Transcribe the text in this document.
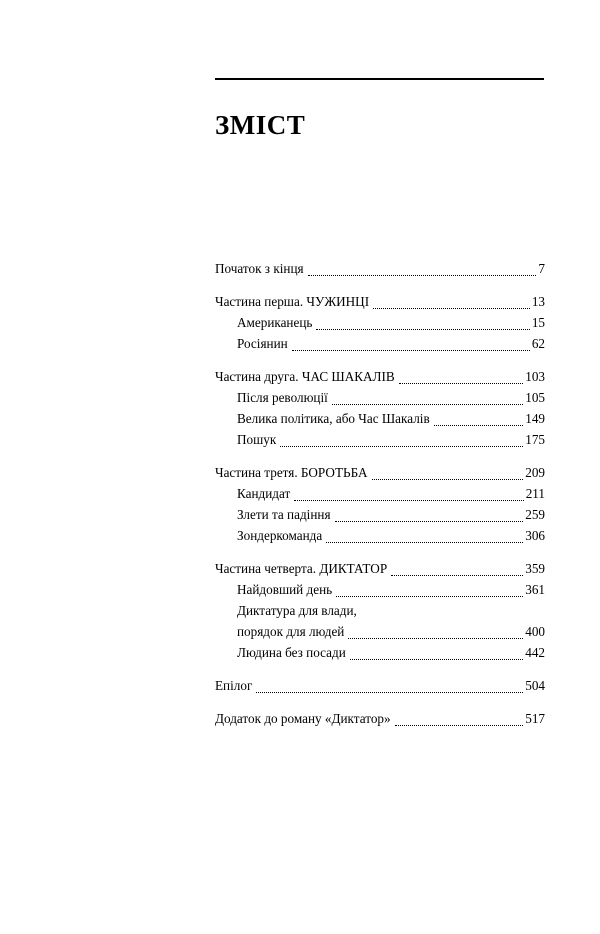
ЗМІСТ
Початок з кінця	7
Частина перша. ЧУЖИНЦІ	13
Американець	15
Росіянин	62
Частина друга. ЧАС ШАКАЛІВ	103
Після революції	105
Велика політика, або Час Шакалів	149
Пошук	175
Частина третя. БОРОТЬБА	209
Кандидат	211
Злети та падіння	259
Зондеркоманда	306
Частина четверта. ДИКТАТОР	359
Найдовший день	361
Диктатура для влади,
порядок для людей	400
Людина без посади	442
Епілог	504
Додаток до роману «Диктатор»	517
